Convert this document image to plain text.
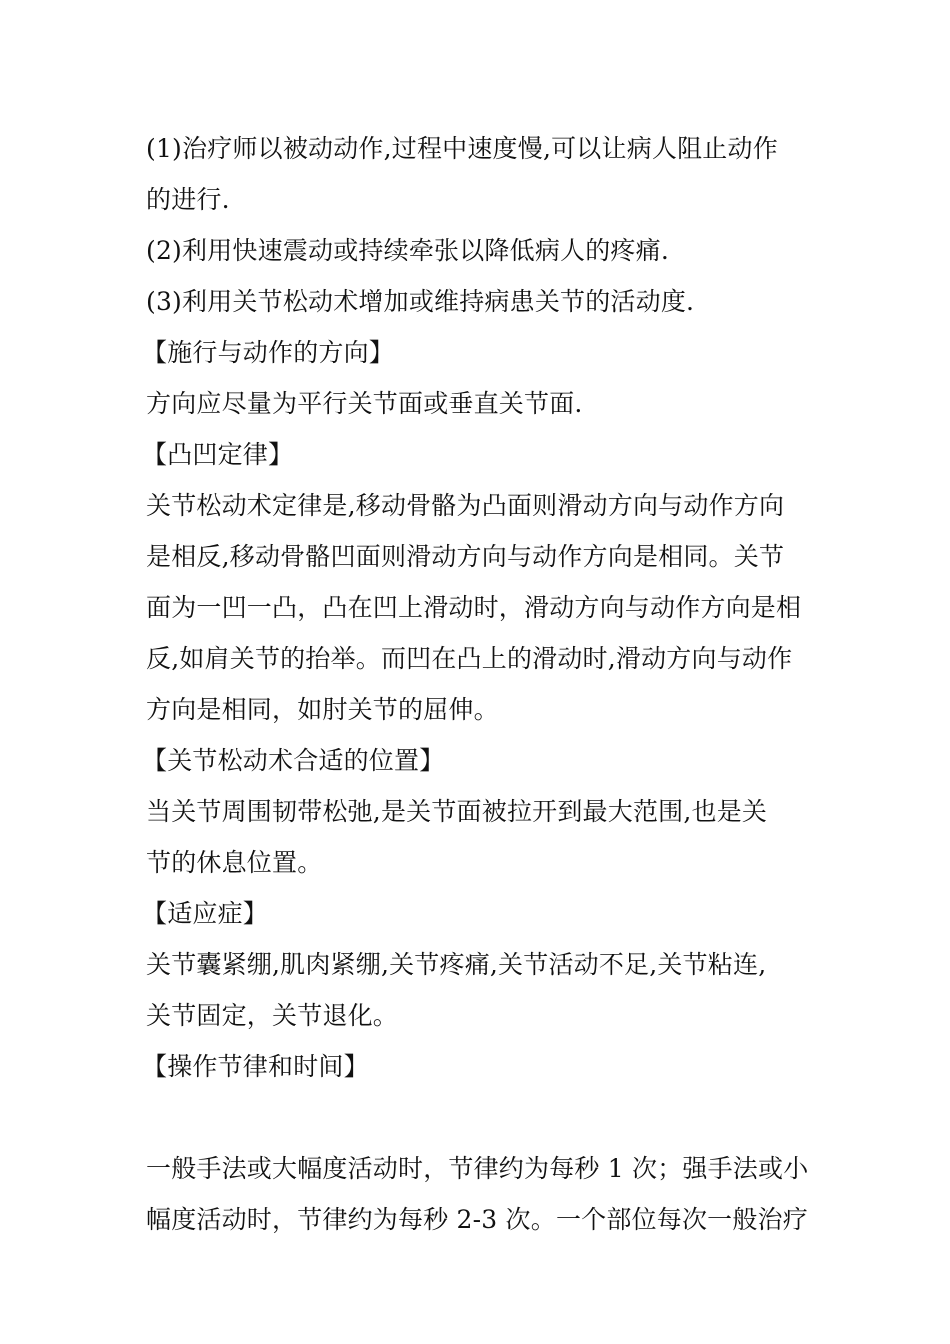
(1)治疗师以被动动作,过程中速度慢,可以让病人阻止动作
的进行.
(2)利用快速震动或持续牵张以降低病人的疼痛.
(3)利用关节松动术增加或维持病患关节的活动度.
【施行与动作的方向】
方向应尽量为平行关节面或垂直关节面.
【凸凹定律】
关节松动术定律是,移动骨骼为凸面则滑动方向与动作方向
是相反,移动骨骼凹面则滑动方向与动作方向是相同。关节
面为一凹一凸，凸在凹上滑动时，滑动方向与动作方向是相
反,如肩关节的抬举。而凹在凸上的滑动时,滑动方向与动作
方向是相同，如肘关节的屈伸。
【关节松动术合适的位置】
当关节周围韧带松弛,是关节面被拉开到最大范围,也是关
节的休息位置。
【适应症】
关节囊紧绷,肌肉紧绷,关节疼痛,关节活动不足,关节粘连,
关节固定，关节退化。
【操作节律和时间】
一般手法或大幅度活动时，节律约为每秒 1 次；强手法或小
幅度活动时，节律约为每秒 2-3 次。一个部位每次一般治疗
